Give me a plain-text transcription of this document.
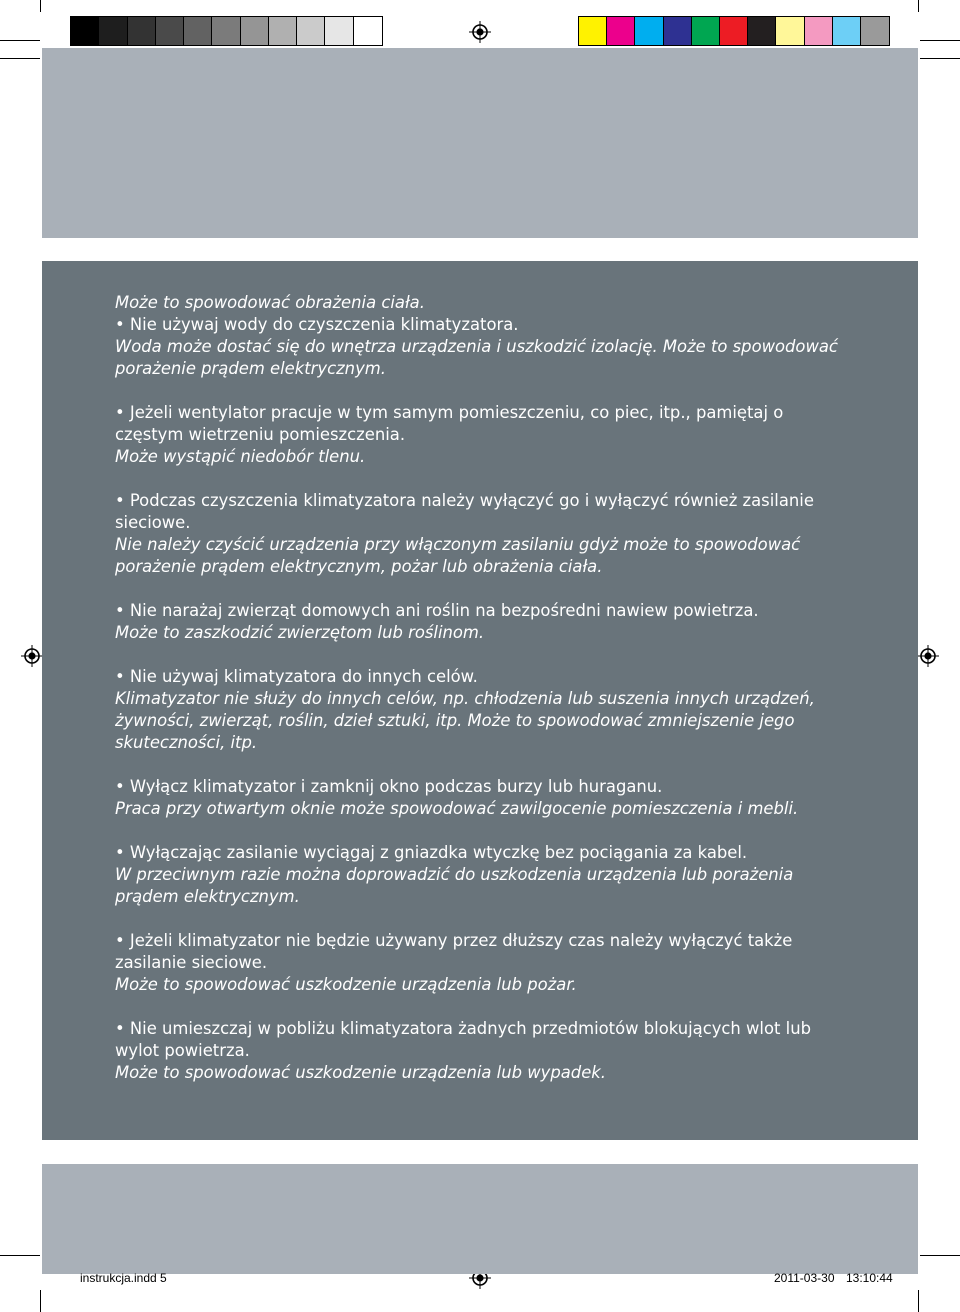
Może to spowodować obrażenia ciała.

• Nie używaj wody do czyszczenia klimatyzatora.

Woda może dostać się do wnętrza urządzenia i uszkodzić izolację. Może to spowodować porażenie prądem elektrycznym.

• Jeżeli wentylator pracuje w tym samym pomieszczeniu, co piec, itp., pamiętaj o częstym wietrzeniu pomieszczenia.

Może wystąpić niedobór tlenu.

• Podczas czyszczenia klimatyzatora należy wyłączyć go i wyłączyć również zasilanie sieciowe.

Nie należy czyścić urządzenia przy włączonym zasilaniu gdyż może to spowodować porażenie prądem elektrycznym, pożar lub obrażenia ciała.

• Nie narażaj zwierząt domowych ani roślin na bezpośredni nawiew powietrza.

Może to zaszkodzić zwierzętom lub roślinom.

• Nie używaj klimatyzatora do innych celów.

Klimatyzator nie służy do innych celów, np. chłodzenia lub suszenia innych urządzeń, żywności, zwierząt, roślin, dzieł sztuki, itp. Może to spowodować zmniejszenie jego skuteczności, itp.

• Wyłącz klimatyzator i zamknij okno podczas burzy lub huraganu.

Praca przy otwartym oknie może spowodować zawilgocenie pomieszczenia i mebli.

• Wyłączając zasilanie wyciągaj z gniazdka wtyczkę bez pociągania za kabel.

W przeciwnym razie można doprowadzić do uszkodzenia urządzenia lub porażenia prądem elektrycznym.

• Jeżeli klimatyzator nie będzie używany przez dłuższy czas należy wyłączyć także zasilanie sieciowe.

Może to spowodować uszkodzenie urządzenia lub pożar.

• Nie umieszczaj w pobliżu klimatyzatora żadnych przedmiotów blokujących wlot lub wylot powietrza.

Może to spowodować uszkodzenie urządzenia lub wypadek.

instrukcja.indd 5	2011-03-30 13:10:44
